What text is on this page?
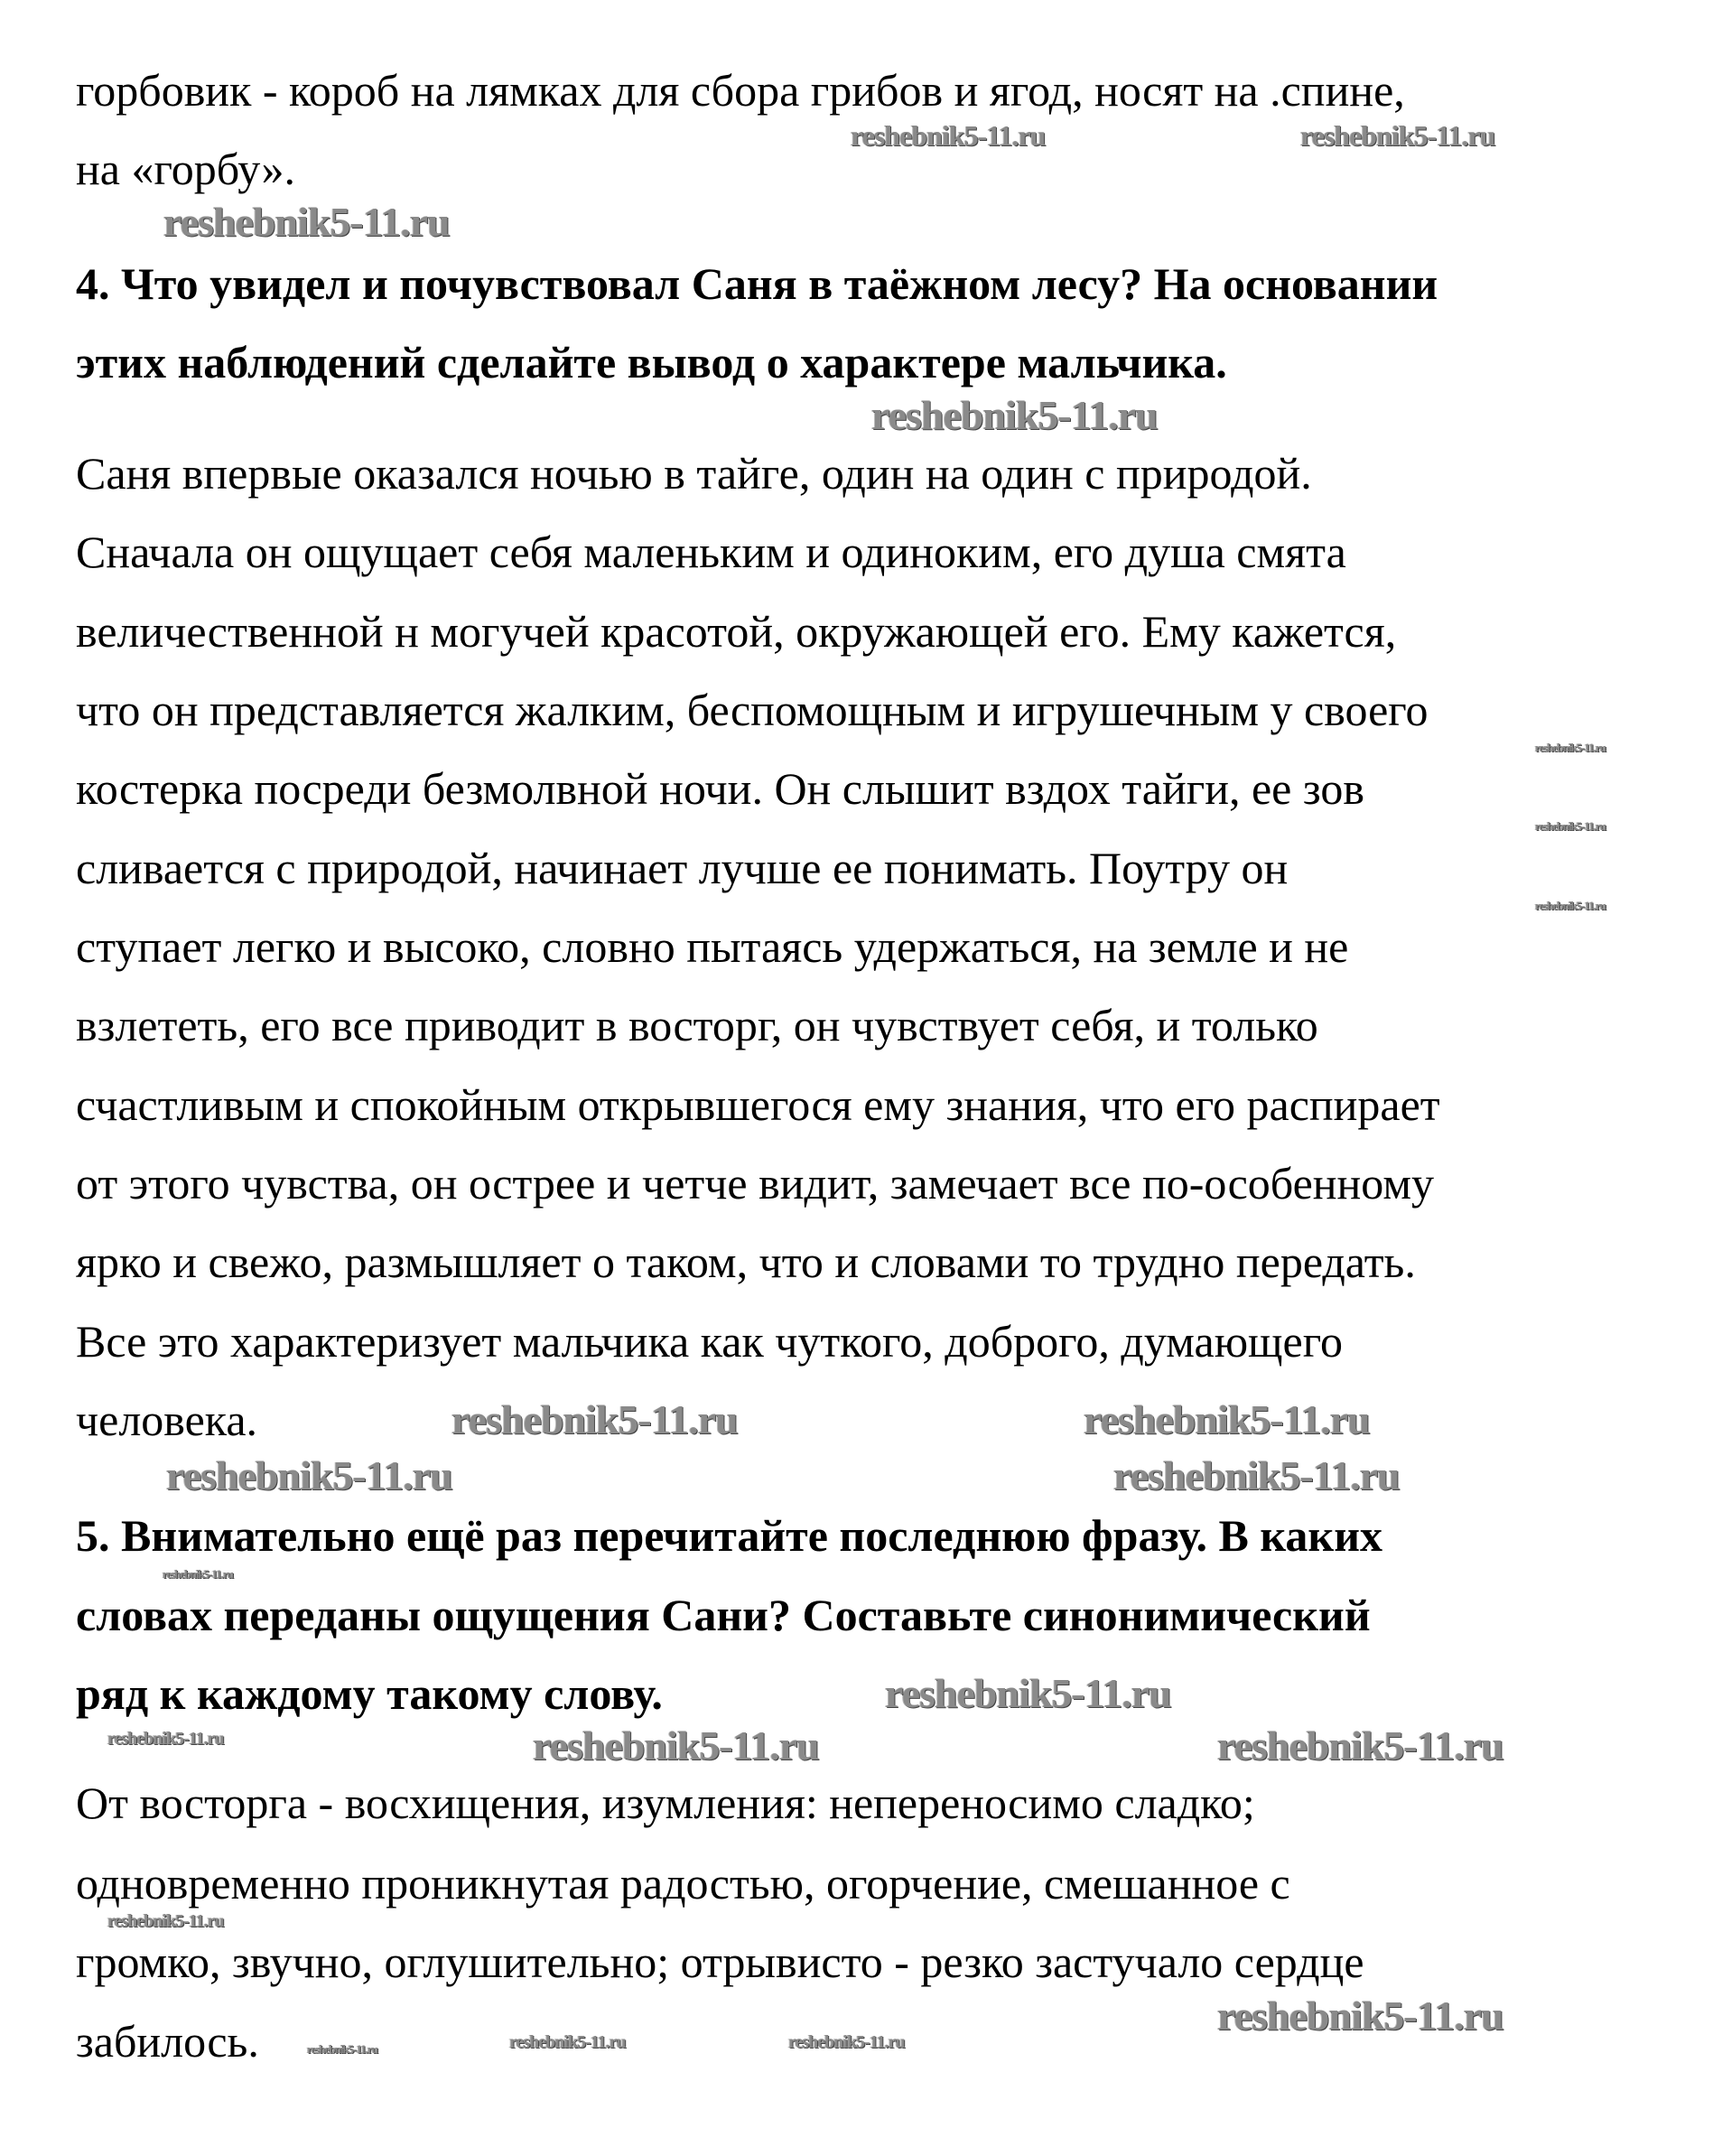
горбовик - короб на лямках для сбора грибов и ягод, носят на .спине,
на «горбу».
4. Что увидел и почувствовал Саня в таёжном лесу? На основании
этих наблюдений сделайте вывод о характере мальчика.
Саня впервые оказался ночью в тайге, один на один с природой.
Сначала он ощущает себя маленьким и одиноким, его душа смята
величественной н могучей красотой, окружающей его. Ему кажется,
что он представляется жалким, беспомощным и игрушечным у своего
костерка посреди безмолвной ночи. Он слышит вздох тайги, ее зов
сливается с природой, начинает лучше ее понимать. Поутру он
ступает легко и высоко, словно пытаясь удержаться, на земле и не
взлететь, его все приводит в восторг, он чувствует себя, и только
счастливым и спокойным открывшегося ему знания, что его распирает
от этого чувства, он острее и четче видит, замечает все по-особенному
ярко и свежо, размышляет о таком, что и словами то трудно передать.
Все это характеризует мальчика как чуткого, доброго, думающего
человека.
5. Внимательно ещё раз перечитайте последнюю фразу. В каких
словах переданы ощущения Сани? Составьте синонимический
ряд к каждому такому слову.
От восторга - восхищения, изумления: непереносимо сладко;
одновременно проникнутая радостью, огорчение, смешанное с
громко, звучно, оглушительно; отрывисто - резко застучало сердце
забилось.
reshebnik5-11.ru	reshebnik5-11.ru
reshebnik5-11.ru
reshebnik5-11.ru
reshebnik5-11.ru
reshebnik5-11.ru
reshebnik5-11.ru
reshebnik5-11.ru
reshebnik5-11.ru
reshebnik5-11.ru	reshebnik5-11.ru
reshebnik5-11.ru
reshebnik5-11.ru
reshebnik5-11.ru
reshebnik5-11.ru	reshebnik5-11.ru
reshebnik5-11.ru
reshebnik5-11.ru
reshebnik5-11.ru	reshebnik5-11.ru	reshebnik5-11.ru
